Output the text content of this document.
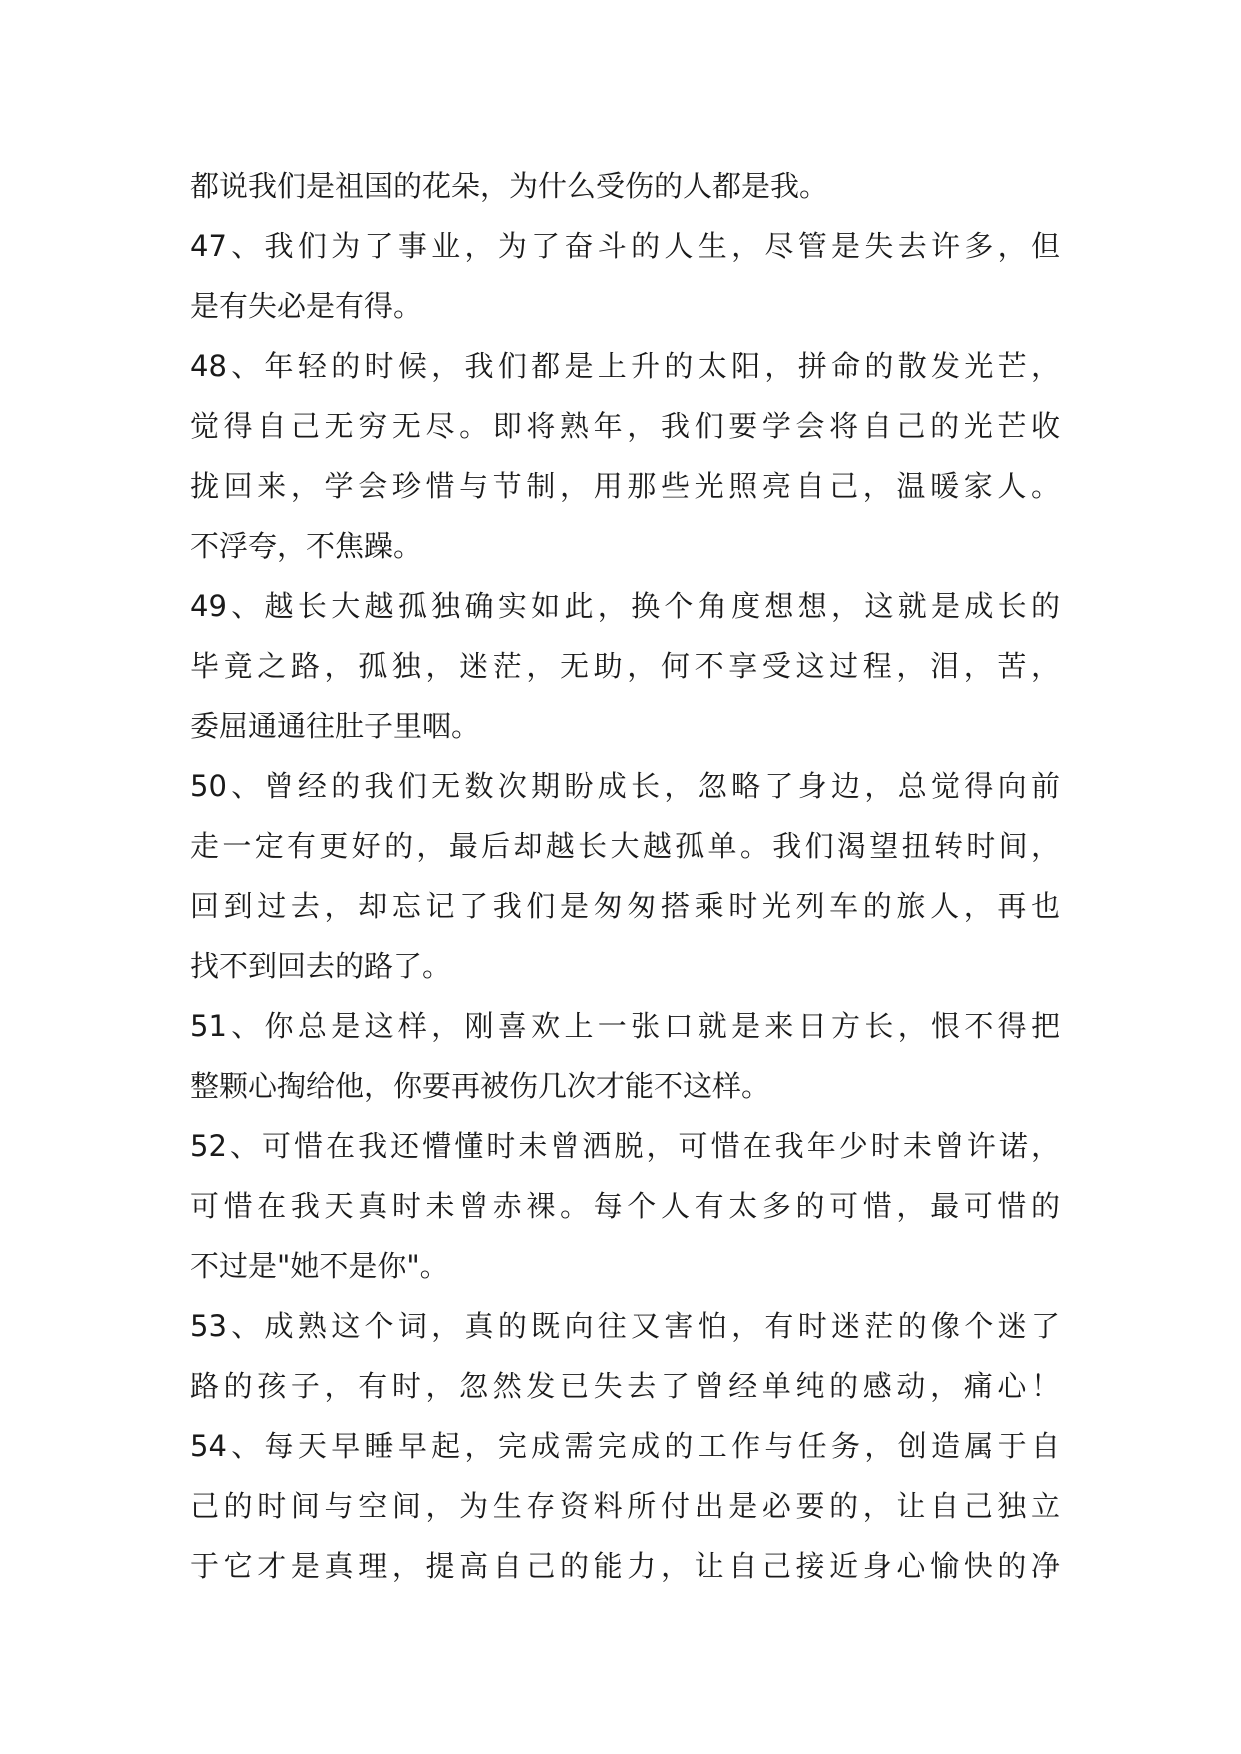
都说我们是祖国的花朵，为什么受伤的人都是我。
47、我们为了事业，为了奋斗的人生，尽管是失去许多，但
是有失必是有得。
48、年轻的时候，我们都是上升的太阳，拼命的散发光芒，
觉得自己无穷无尽。即将熟年，我们要学会将自己的光芒收
拢回来，学会珍惜与节制，用那些光照亮自己，温暖家人。
不浮夸，不焦躁。
49、越长大越孤独确实如此，换个角度想想，这就是成长的
毕竟之路，孤独，迷茫，无助，何不享受这过程，泪，苦，
委屈通通往肚子里咽。
50、曾经的我们无数次期盼成长，忽略了身边，总觉得向前
走一定有更好的，最后却越长大越孤单。我们渴望扭转时间，
回到过去，却忘记了我们是匆匆搭乘时光列车的旅人，再也
找不到回去的路了。
51、你总是这样，刚喜欢上一张口就是来日方长，恨不得把
整颗心掏给他，你要再被伤几次才能不这样。
52、可惜在我还懵懂时未曾洒脱，可惜在我年少时未曾许诺，
可惜在我天真时未曾赤裸。每个人有太多的可惜，最可惜的
不过是"她不是你"。
53、成熟这个词，真的既向往又害怕，有时迷茫的像个迷了
路的孩子，有时，忽然发已失去了曾经单纯的感动，痛心！
54、每天早睡早起，完成需完成的工作与任务，创造属于自
己的时间与空间，为生存资料所付出是必要的，让自己独立
于它才是真理，提高自己的能力，让自己接近身心愉快的净
